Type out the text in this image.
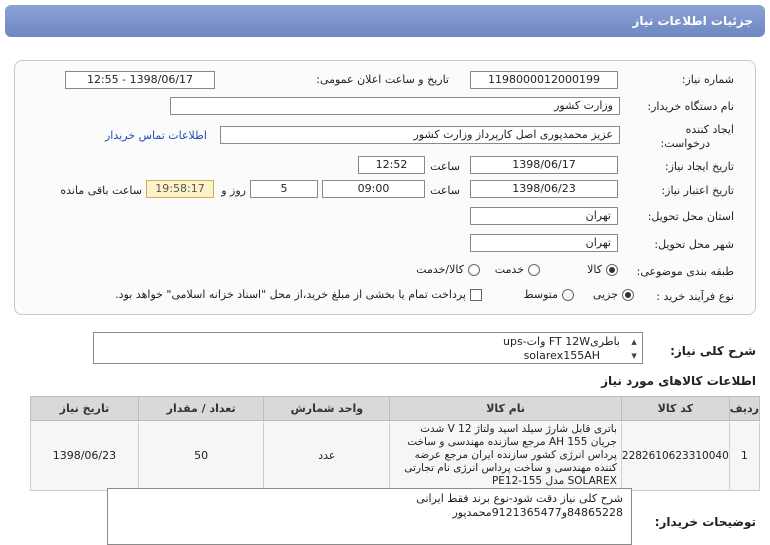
جزئیات اطلاعات نیاز
شماره نیاز:
1198000012000199
تاریخ و ساعت اعلان عمومی:
1398/06/17 - 12:55
نام دستگاه خریدار:
وزارت کشور
ایجاد کننده
درخواست:
عزیز محمدپوری اصل کارپرداز وزارت کشور
اطلاعات تماس خریدار
تاریخ ایجاد نیاز:
1398/06/17
ساعت
12:52
تاریخ اعتبار نیاز:
1398/06/23
ساعت
09:00
5
روز و
19:58:17
ساعت باقی مانده
استان محل تحویل:
تهران
شهر محل تحویل:
تهران
طبقه بندی موضوعی:
کالا
خدمت
کالا/خدمت
نوع فرآیند خرید :
جزیی
متوسط
پرداخت تمام یا بخشی از مبلغ خرید،از محل "اسناد خزانه اسلامی" خواهد بود.
شرح کلی نیاز:
باطریFT 12W وات-ups
solarex155AH
▲
▼
اطلاعات کالاهای مورد نیاز
ردیف	کد کالا	نام کالا	واحد شمارش	تعداد / مقدار	تاریخ نیاز
1	2282610623310040	باتری قابل شارژ سیلد اسید ولتاژ 12 V شدت جریان 155 AH مرجع سازنده مهندسی و ساخت پرداس انرژی کشور سازنده ایران مرجع عرضه کننده مهندسی و ساخت پرداس انرژی نام تجارتی SOLAREX مدل PE12-155	عدد	50	1398/06/23
توضیحات خریدار:
شرح کلی نیاز دقت شود-نوع برند فقط ایرانی
84865228و9121365477محمدپور
